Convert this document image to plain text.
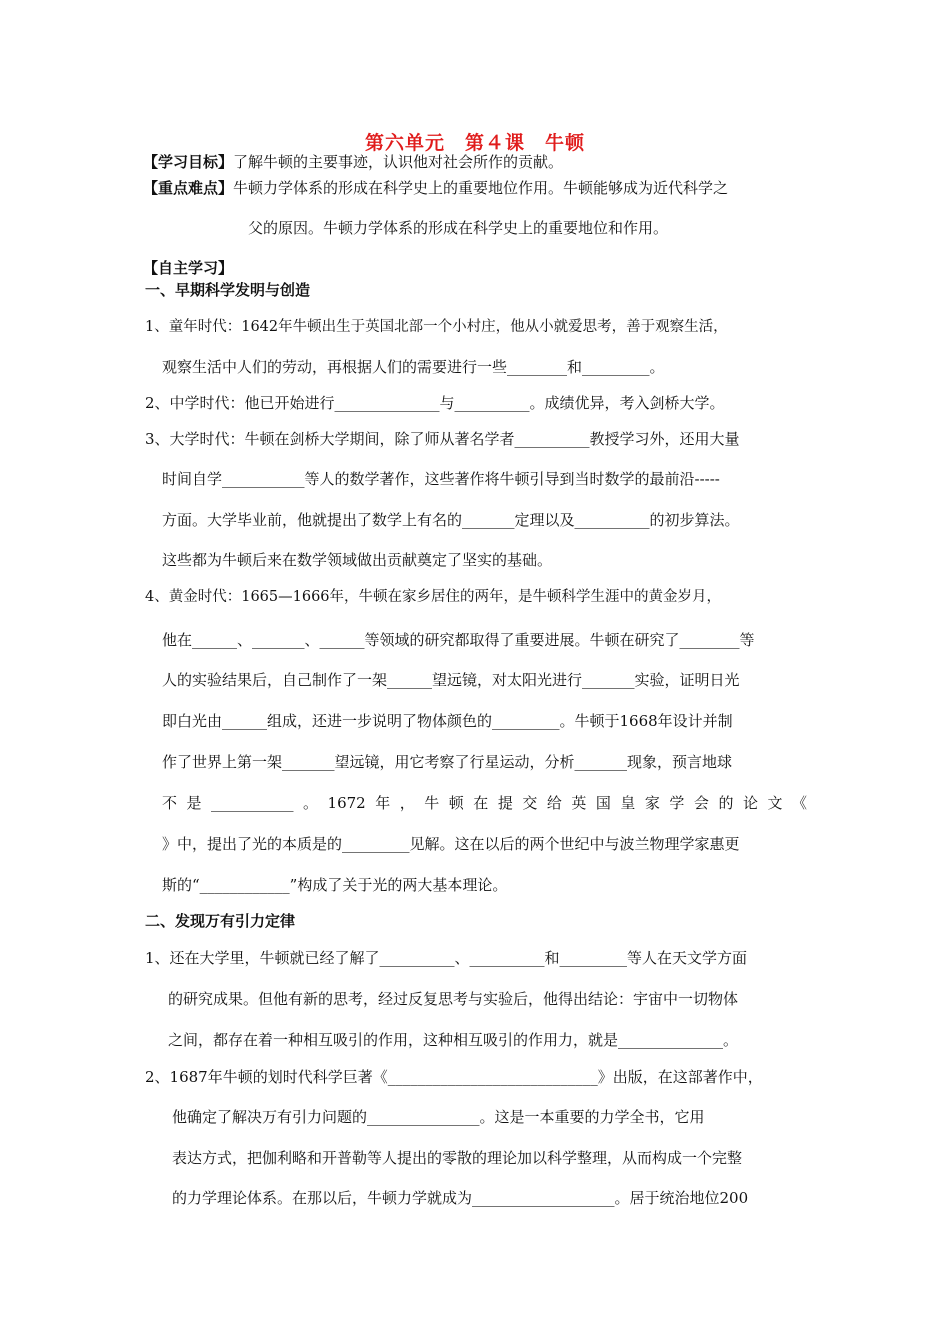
第六单元　第４课　牛顿
【学习目标】了解牛顿的主要事迹，认识他对社会所作的贡献。
【重点难点】牛顿力学体系的形成在科学史上的重要地位作用。牛顿能够成为近代科学之
父的原因。牛顿力学体系的形成在科学史上的重要地位和作用。
【自主学习】
一、早期科学发明与创造
1、童年时代：1642年牛顿出生于英国北部一个小村庄，他从小就爱思考，善于观察生活，
观察生活中人们的劳动，再根据人们的需要进行一些________和_________。
2、中学时代：他已开始进行______________与__________。成绩优异，考入剑桥大学。
3、大学时代：牛顿在剑桥大学期间，除了师从著名学者__________教授学习外，还用大量
时间自学___________等人的数学著作，这些著作将牛顿引导到当时数学的最前沿-----
方面。大学毕业前，他就提出了数学上有名的_______定理以及__________的初步算法。
这些都为牛顿后来在数学领域做出贡献奠定了坚实的基础。
4、黄金时代：1665—1666年，牛顿在家乡居住的两年，是牛顿科学生涯中的黄金岁月，
他在______、_______、______等领域的研究都取得了重要进展。牛顿在研究了________等
人的实验结果后，自己制作了一架______望远镜，对太阳光进行_______实验，证明日光
即白光由______组成，还进一步说明了物体颜色的_________。牛顿于1668年设计并制
作了世界上第一架_______望远镜，用它考察了行星运动，分析_______现象，预言地球
不是___________。1672年，牛顿在提交给英国皇家学会的论文《
》中，提出了光的本质是的_________见解。这在以后的两个世纪中与波兰物理学家惠更
斯的“____________”构成了关于光的两大基本理论。
二、发现万有引力定律
1、还在大学里，牛顿就已经了解了__________、__________和_________等人在天文学方面
的研究成果。但他有新的思考，经过反复思考与实验后，他得出结论：宇宙中一切物体
之间，都存在着一种相互吸引的作用，这种相互吸引的作用力，就是______________。
2、1687年牛顿的划时代科学巨著《____________________________》出版，在这部著作中，
他确定了解决万有引力问题的_______________。这是一本重要的力学全书，它用
表达方式，把伽利略和开普勒等人提出的零散的理论加以科学整理，从而构成一个完整
的力学理论体系。在那以后，牛顿力学就成为___________________。居于统治地位200
